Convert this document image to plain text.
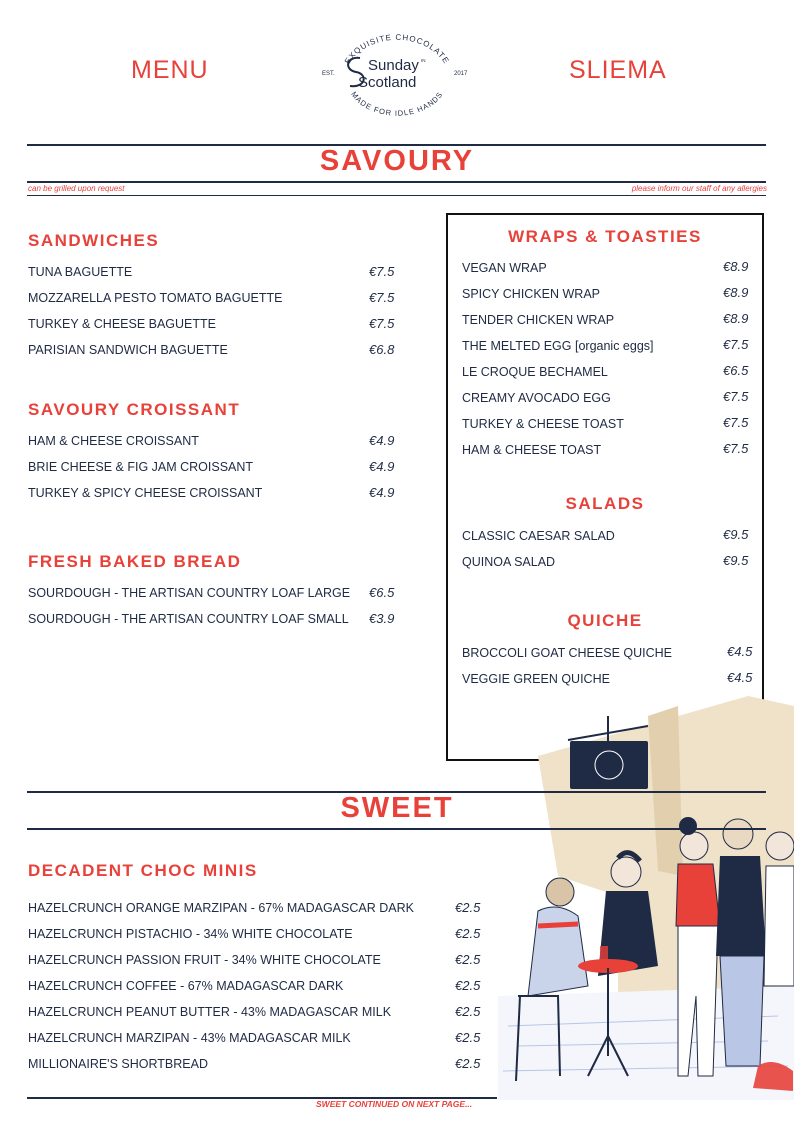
MENU	SLIEMA
EXQUISITE CHOCOLATE
MADE FOR IDLE HANDS
EST.	2017
Sunday IN
Scotland
SAVOURY
can be grilled upon request	please inform our staff of any allergies
SANDWICHES
TUNA BAGUETTE	€7.5
MOZZARELLA PESTO TOMATO BAGUETTE	€7.5
TURKEY & CHEESE BAGUETTE	€7.5
PARISIAN SANDWICH BAGUETTE	€6.8
SAVOURY CROISSANT
HAM & CHEESE CROISSANT	€4.9
BRIE CHEESE & FIG JAM CROISSANT	€4.9
TURKEY & SPICY CHEESE CROISSANT	€4.9
FRESH BAKED BREAD
SOURDOUGH - THE ARTISAN COUNTRY LOAF LARGE €6.5
SOURDOUGH - THE ARTISAN COUNTRY LOAF SMALL €3.9
WRAPS & TOASTIES
VEGAN WRAP	€8.9
SPICY CHICKEN WRAP	€8.9
TENDER CHICKEN WRAP	€8.9
THE MELTED EGG [organic eggs]	€7.5
LE CROQUE BECHAMEL	€6.5
CREAMY AVOCADO EGG	€7.5
TURKEY & CHEESE TOAST	€7.5
HAM & CHEESE TOAST	€7.5
SALADS
CLASSIC CAESAR SALAD	€9.5
QUINOA SALAD	€9.5
QUICHE
BROCCOLI GOAT CHEESE QUICHE	€4.5
VEGGIE GREEN QUICHE	€4.5
SWEET
DECADENT CHOC MINIS
HAZELCRUNCH ORANGE MARZIPAN - 67% MADAGASCAR DARK	€2.5
HAZELCRUNCH PISTACHIO - 34% WHITE CHOCOLATE	€2.5
HAZELCRUNCH PASSION FRUIT - 34% WHITE CHOCOLATE	€2.5
HAZELCRUNCH COFFEE - 67% MADAGASCAR DARK	€2.5
HAZELCRUNCH PEANUT BUTTER - 43% MADAGASCAR MILK	€2.5
HAZELCRUNCH MARZIPAN - 43% MADAGASCAR MILK	€2.5
MILLIONAIRE'S SHORTBREAD	€2.5
SWEET CONTINUED ON NEXT PAGE...
